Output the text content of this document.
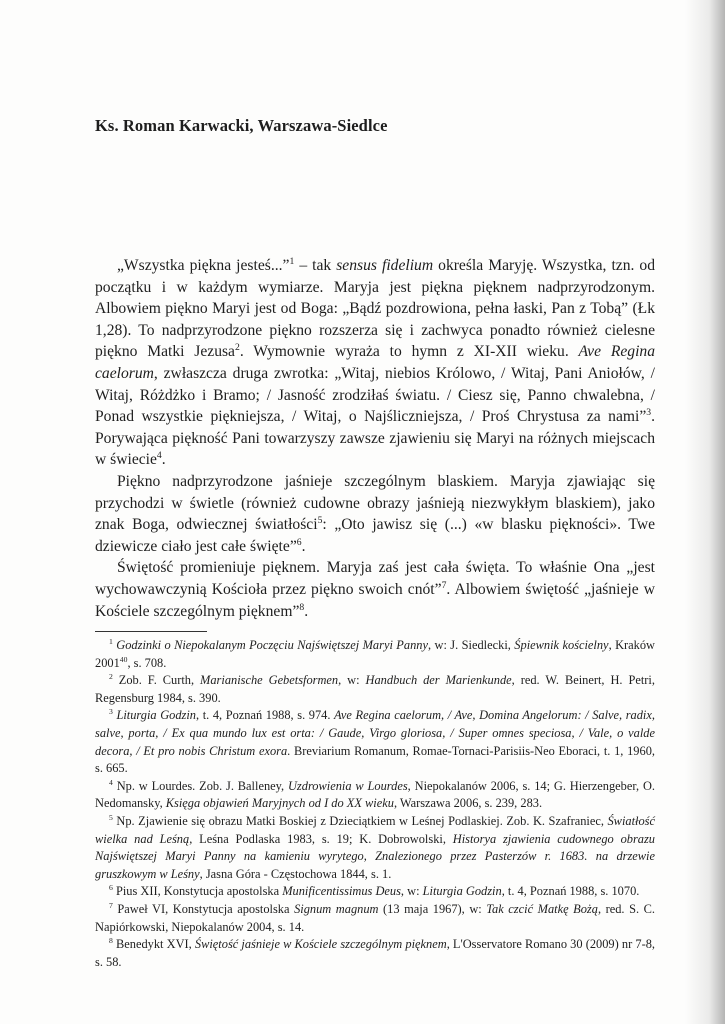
Ks. Roman Karwacki, Warszawa-Siedlce

„Wszystka piękna jesteś...”$^1$ – tak sensus fidelium określa Maryję. Wszystka, tzn. od początku i w każdym wymiarze. Maryja jest piękna pięknem nadprzyrodzonym. Albowiem piękno Maryi jest od Boga: „Bądź pozdrowiona, pełna łaski, Pan z Tobą” (Łk 1,28). To nadprzyrodzone piękno rozszerza się i zachwyca ponadto również cielesne piękno Matki Jezusa$^2$. Wymownie wyraża to hymn z XI-XII wieku. Ave Regina caelorum, zwłaszcza druga zwrotka: „Witaj, niebios Królowo, / Witaj, Pani Aniołów, / Witaj, Różdżko i Bramo; / Jasność zrodziłaś światu. / Ciesz się, Panno chwalebna, / Ponad wszystkie piękniejsza, / Witaj, o Najśliczniejsza, / Proś Chrystusa za nami”$^3$. Porywająca piękność Pani towarzyszy zawsze zjawieniu się Maryi na różnych miejscach w świecie$^4$.

Piękno nadprzyrodzone jaśnieje szczególnym blaskiem. Maryja zjawiając się przychodzi w świetle (również cudowne obrazy jaśnieją niezwykłym blaskiem), jako znak Boga, odwiecznej światłości$^5$: „Oto jawisz się (...) «w blasku piękności». Twe dziewicze ciało jest całe święte”$^6$.

Świętość promieniuje pięknem. Maryja zaś jest cała święta. To właśnie Ona „jest wychowawczynią Kościoła przez piękno swoich cnót”$^7$. Albowiem świętość „jaśnieje w Kościele szczególnym pięknem”$^8$.

$^1$ Godzinki o Niepokalanym Poczęciu Najświętszej Maryi Panny, w: J. Siedlecki, Śpiewnik kościelny, Kraków 2001$^{40}$, s. 708.

$^2$ Zob. F. Curth, Marianische Gebetsformen, w: Handbuch der Marienkunde, red. W. Beinert, H. Petri, Regensburg 1984, s. 390.

$^3$ Liturgia Godzin, t. 4, Poznań 1988, s. 974. Ave Regina caelorum, / Ave, Domina Angelorum: / Salve, radix, salve, porta, / Ex qua mundo lux est orta: / Gaude, Virgo gloriosa, / Super omnes speciosa, / Vale, o valde decora, / Et pro nobis Christum exora. Breviarium Romanum, Romae-Tornaci-Parisiis-Neo Eboraci, t. 1, 1960, s. 665.

$^4$ Np. w Lourdes. Zob. J. Balleney, Uzdrowienia w Lourdes, Niepokalanów 2006, s. 14; G. Hierzengeber, O. Nedomansky, Księga objawień Maryjnych od I do XX wieku, Warszawa 2006, s. 239, 283.

$^5$ Np. Zjawienie się obrazu Matki Boskiej z Dzieciątkiem w Leśnej Podlaskiej. Zob. K. Szafraniec, Światłość wielka nad Leśną, Leśna Podlaska 1983, s. 19; K. Dobrowolski, Historya zjawienia cudownego obrazu Najświętszej Maryi Panny na kamieniu wyrytego, Znalezionego przez Pasterzów r. 1683. na drzewie gruszkowym w Leśny, Jasna Góra - Częstochowa 1844, s. 1.

$^6$ Pius XII, Konstytucja apostolska Munificentissimus Deus, w: Liturgia Godzin, t. 4, Poznań 1988, s. 1070.

$^7$ Paweł VI, Konstytucja apostolska Signum magnum (13 maja 1967), w: Tak czcić Matkę Bożą, red. S. C. Napiórkowski, Niepokalanów 2004, s. 14.

$^8$ Benedykt XVI, Świętość jaśnieje w Kościele szczególnym pięknem, L'Osservatore Romano 30 (2009) nr 7-8, s. 58.
